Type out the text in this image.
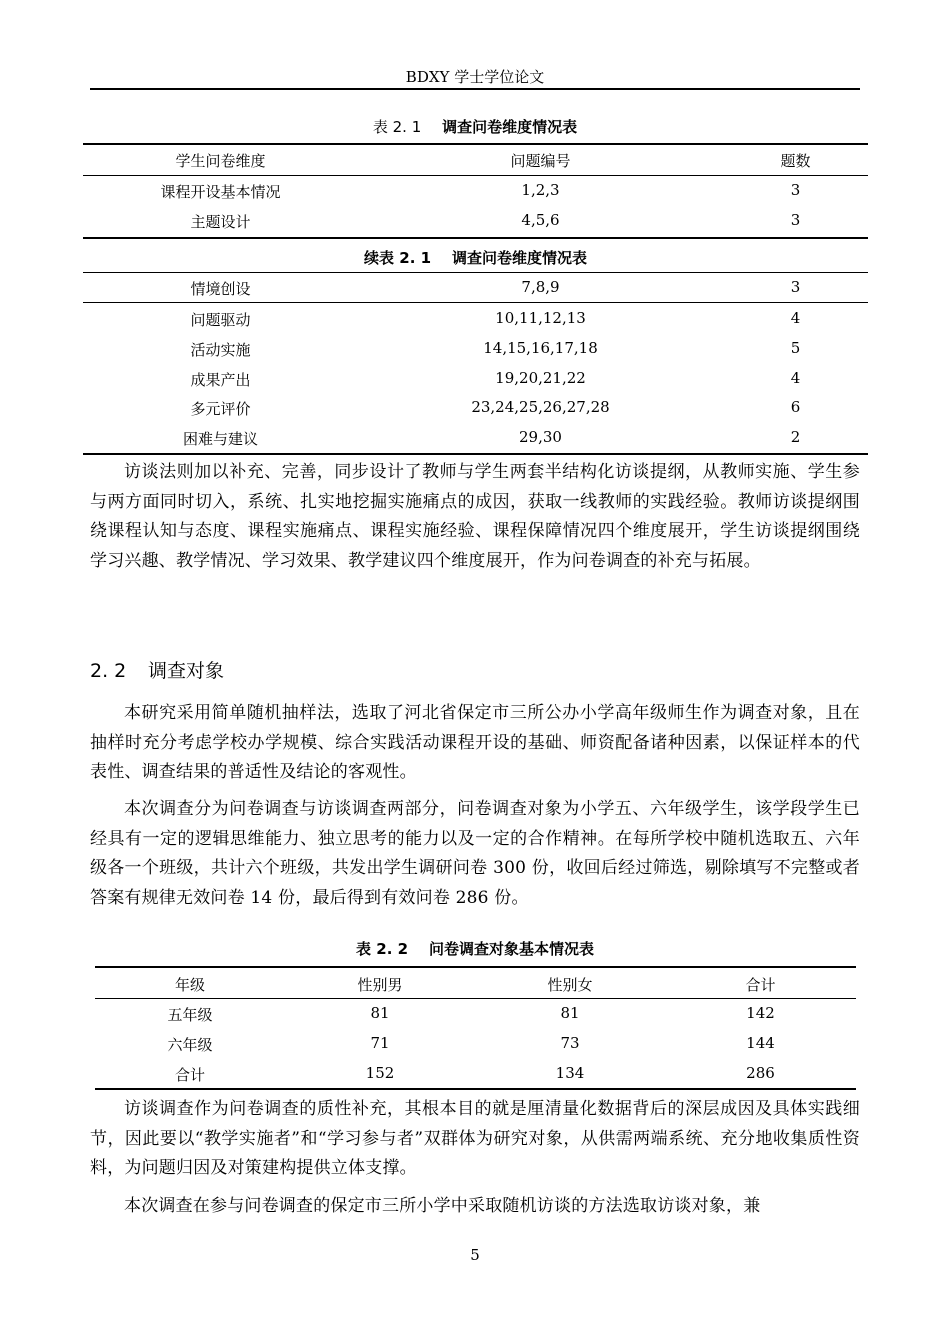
BDXY 学士学位论文
表 2. 1 调查问卷维度情况表
学生问卷维度	问题编号	题数
课程开设基本情况	1,2,3	3
主题设计	4,5,6	3
续表 2. 1 调查问卷维度情况表
情境创设	7,8,9	3
问题驱动	10,11,12,13	4
活动实施	14,15,16,17,18	5
成果产出	19,20,21,22	4
多元评价	23,24,25,26,27,28	6
困难与建议	29,30	2
访谈法则加以补充、完善，同步设计了教师与学生两套半结构化访谈提纲，从教师实施、学生参与两方面同时切入，系统、扎实地挖掘实施痛点的成因，获取一线教师的实践经验。教师访谈提纲围绕课程认知与态度、课程实施痛点、课程实施经验、课程保障情况四个维度展开，学生访谈提纲围绕学习兴趣、教学情况、学习效果、教学建议四个维度展开，作为问卷调查的补充与拓展。
2. 2 调查对象
本研究采用简单随机抽样法，选取了河北省保定市三所公办小学高年级师生作为调查对象，且在抽样时充分考虑学校办学规模、综合实践活动课程开设的基础、师资配备诸种因素，以保证样本的代表性、调查结果的普适性及结论的客观性。
本次调查分为问卷调查与访谈调查两部分，问卷调查对象为小学五、六年级学生，该学段学生已经具有一定的逻辑思维能力、独立思考的能力以及一定的合作精神。在每所学校中随机选取五、六年级各一个班级，共计六个班级，共发出学生调研问卷 300 份，收回后经过筛选，剔除填写不完整或者答案有规律无效问卷 14 份，最后得到有效问卷 286 份。
表 2. 2 问卷调查对象基本情况表
年级	性别男	性别女	合计
五年级	81	81	142
六年级	71	73	144
合计	152	134	286
访谈调查作为问卷调查的质性补充，其根本目的就是厘清量化数据背后的深层成因及具体实践细节，因此要以“教学实施者”和“学习参与者”双群体为研究对象，从供需两端系统、充分地收集质性资料，为问题归因及对策建构提供立体支撑。
本次调查在参与问卷调查的保定市三所小学中采取随机访谈的方法选取访谈对象，兼
5
